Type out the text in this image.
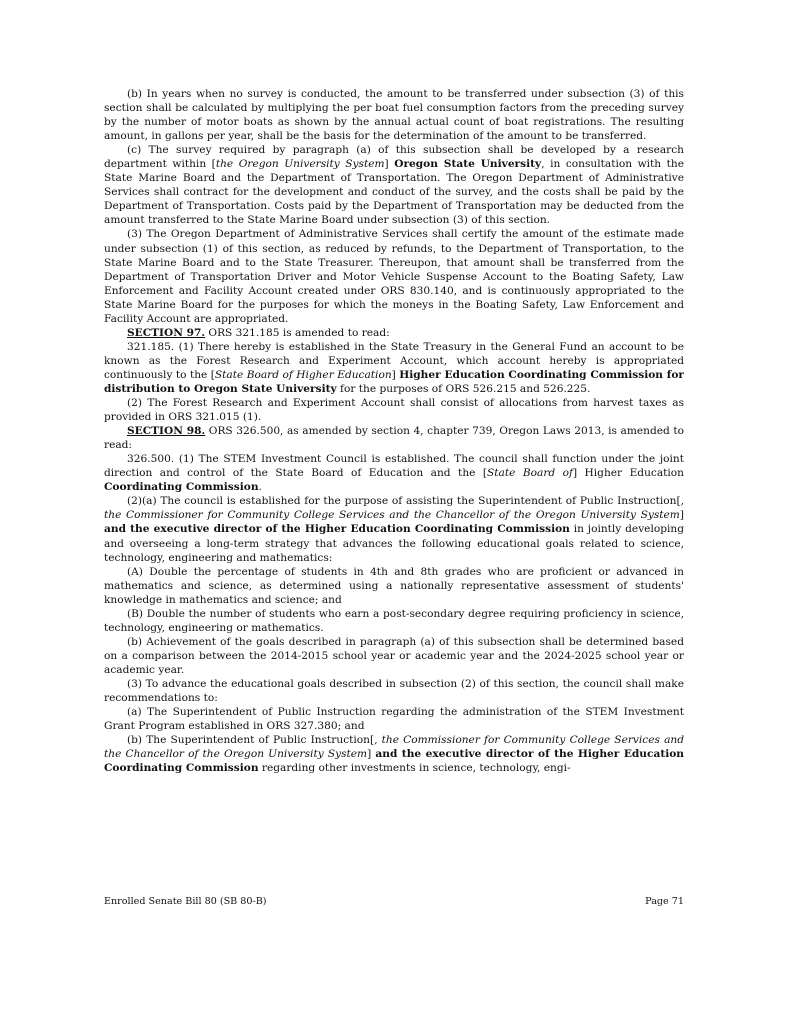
(b) In years when no survey is conducted, the amount to be transferred under subsection (3) of this section shall be calculated by multiplying the per boat fuel consumption factors from the preceding survey by the number of motor boats as shown by the annual actual count of boat registrations. The resulting amount, in gallons per year, shall be the basis for the determination of the amount to be transferred.

(c) The survey required by paragraph (a) of this subsection shall be developed by a research department within [the Oregon University System] Oregon State University, in consultation with the State Marine Board and the Department of Transportation. The Oregon Department of Administrative Services shall contract for the development and conduct of the survey, and the costs shall be paid by the Department of Transportation. Costs paid by the Department of Transportation may be deducted from the amount transferred to the State Marine Board under subsection (3) of this section.

(3) The Oregon Department of Administrative Services shall certify the amount of the estimate made under subsection (1) of this section, as reduced by refunds, to the Department of Transportation, to the State Marine Board and to the State Treasurer. Thereupon, that amount shall be transferred from the Department of Transportation Driver and Motor Vehicle Suspense Account to the Boating Safety, Law Enforcement and Facility Account created under ORS 830.140, and is continuously appropriated to the State Marine Board for the purposes for which the moneys in the Boating Safety, Law Enforcement and Facility Account are appropriated.

SECTION 97. ORS 321.185 is amended to read:

321.185. (1) There hereby is established in the State Treasury in the General Fund an account to be known as the Forest Research and Experiment Account, which account hereby is appropriated continuously to the [State Board of Higher Education] Higher Education Coordinating Commission for distribution to Oregon State University for the purposes of ORS 526.215 and 526.225.

(2) The Forest Research and Experiment Account shall consist of allocations from harvest taxes as provided in ORS 321.015 (1).

SECTION 98. ORS 326.500, as amended by section 4, chapter 739, Oregon Laws 2013, is amended to read:

326.500. (1) The STEM Investment Council is established. The council shall function under the joint direction and control of the State Board of Education and the [State Board of] Higher Education Coordinating Commission.

(2)(a) The council is established for the purpose of assisting the Superintendent of Public Instruction[, the Commissioner for Community College Services and the Chancellor of the Oregon University System] and the executive director of the Higher Education Coordinating Commission in jointly developing and overseeing a long-term strategy that advances the following educational goals related to science, technology, engineering and mathematics:

(A) Double the percentage of students in 4th and 8th grades who are proficient or advanced in mathematics and science, as determined using a nationally representative assessment of students' knowledge in mathematics and science; and

(B) Double the number of students who earn a post-secondary degree requiring proficiency in science, technology, engineering or mathematics.

(b) Achievement of the goals described in paragraph (a) of this subsection shall be determined based on a comparison between the 2014-2015 school year or academic year and the 2024-2025 school year or academic year.

(3) To advance the educational goals described in subsection (2) of this section, the council shall make recommendations to:

(a) The Superintendent of Public Instruction regarding the administration of the STEM Investment Grant Program established in ORS 327.380; and

(b) The Superintendent of Public Instruction[, the Commissioner for Community College Services and the Chancellor of the Oregon University System] and the executive director of the Higher Education Coordinating Commission regarding other investments in science, technology, engi-

Enrolled Senate Bill 80 (SB 80-B)	Page 71
